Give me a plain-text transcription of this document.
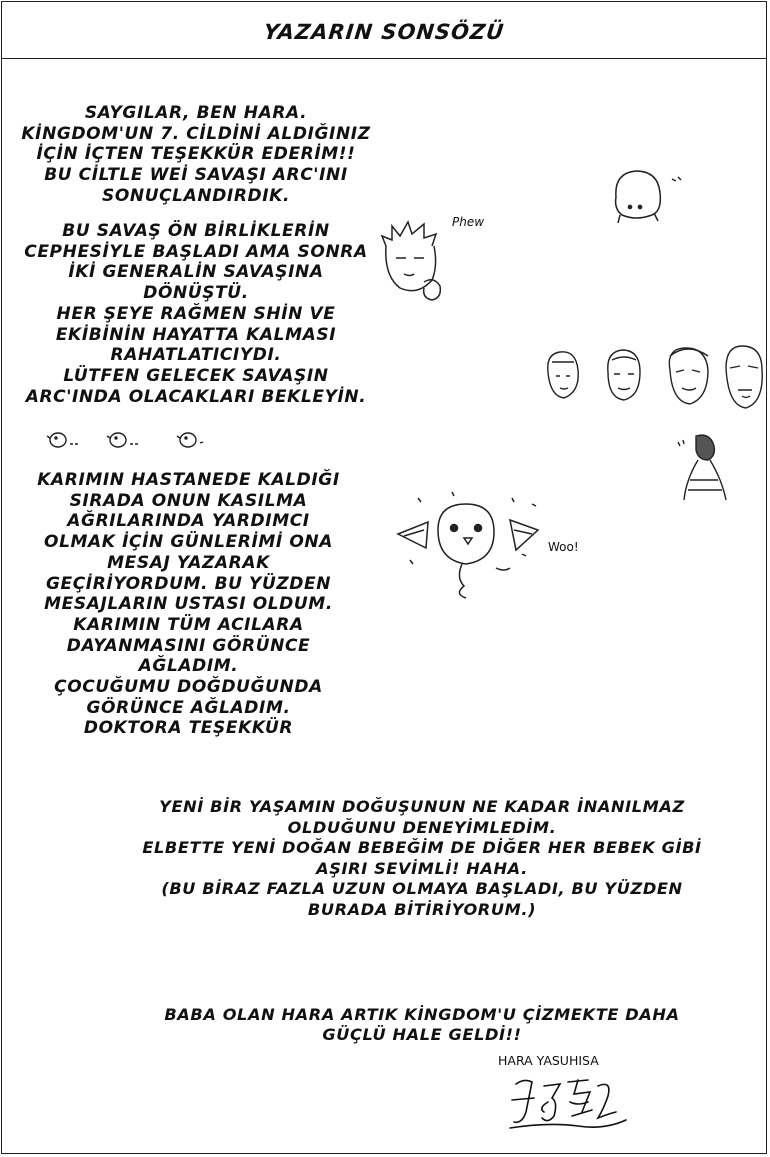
YAZARIN SONSÖZÜ
SAYGILAR, BEN HARA.
KİNGDOM'UN 7. CİLDİNİ ALDIĞINIZ
İÇİN İÇTEN TEŞEKKÜR EDERİM!!
BU CİLTLE WEİ SAVAŞI ARC'INI
SONUÇLANDIRDIK.
BU SAVAŞ ÖN BİRLİKLERİN
CEPHESİYLE BAŞLADI AMA SONRA
İKİ GENERALİN SAVAŞINA
DÖNÜŞTÜ.
HER ŞEYE RAĞMEN SHİN VE
EKİBİNİN HAYATTA KALMASI
RAHATLATICIYDI.
LÜTFEN GELECEK SAVAŞIN
ARC'INDA OLACAKLARI BEKLEYİN.
KARIMIN HASTANEDE KALDIĞI
SIRADA ONUN KASILMA
AĞRILARINDA YARDIMCI
OLMAK İÇİN GÜNLERİMİ ONA
MESAJ YAZARAK
GEÇİRİYORDUM. BU YÜZDEN
MESAJLARIN USTASI OLDUM.
KARIMIN TÜM ACILARA
DAYANMASINI GÖRÜNCE
AĞLADIM.
ÇOCUĞUMU DOĞDUĞUNDA
GÖRÜNCE AĞLADIM.
DOKTORA TEŞEKKÜR
YENİ BİR YAŞAMIN DOĞUŞUNUN NE KADAR İNANILMAZ
OLDUĞUNU DENEYİMLEDİM.
ELBETTE YENİ DOĞAN BEBEĞİM DE DİĞER HER BEBEK GİBİ
AŞIRI SEVİMLİ! HAHA.
(BU BİRAZ FAZLA UZUN OLMAYA BAŞLADI, BU YÜZDEN
BURADA BİTİRİYORUM.)
BABA OLAN HARA ARTIK KİNGDOM'U ÇİZMEKTE DAHA
GÜÇLÜ HALE GELDİ!!
HARA YASUHISA
Phew
Woo!
